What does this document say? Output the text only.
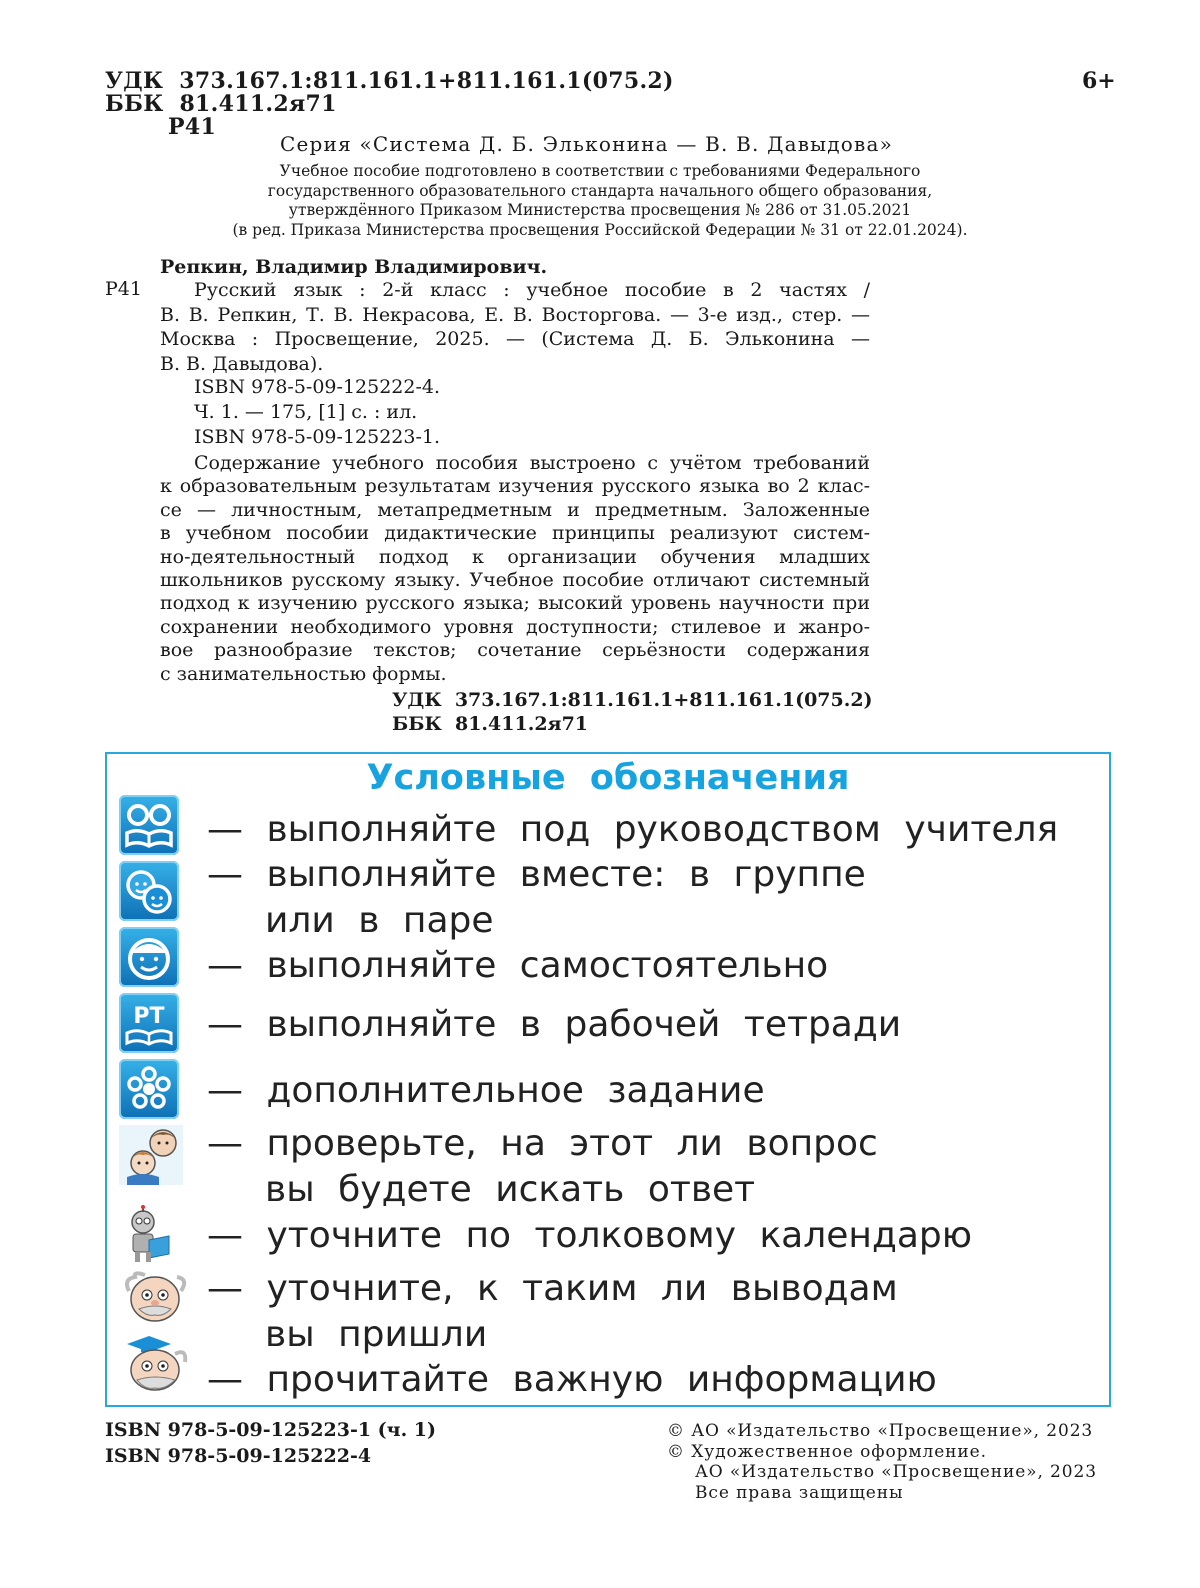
УДК 373.167.1:811.161.1+811.161.1(075.2)
ББК 81.411.2я71
Р41
6+
Серия «Система Д. Б. Эльконина — В. В. Давыдова»
Учебное пособие подготовлено в соответствии с требованиями Федерального
государственного образовательного стандарта начального общего образования,
утверждённого Приказом Министерства просвещения № 286 от 31.05.2021
(в ред. Приказа Министерства просвещения Российской Федерации № 31 от 22.01.2024).
Репкин, Владимир Владимирович.
Р41	Русский язык : 2-й класс : учебное пособие в 2 частях /
В. В. Репкин, Т. В. Некрасова, Е. В. Восторгова. — 3-е изд., стер. —
Москва : Просвещение, 2025. — (Система Д. Б. Эльконина —
В. В. Давыдова).
ISBN 978-5-09-125222-4.
Ч. 1. — 175, [1] с. : ил.
ISBN 978-5-09-125223-1.
Содержание учебного пособия выстроено с учётом требований
к образовательным результатам изучения русского языка во 2 клас-
се — личностным, метапредметным и предметным. Заложенные
в учебном пособии дидактические принципы реализуют систем-
но-деятельностный подход к организации обучения младших
школьников русскому языку. Учебное пособие отличают системный
подход к изучению русского языка; высокий уровень научности при
сохранении необходимого уровня доступности; стилевое и жанро-
вое разнообразие текстов; сочетание серьёзности содержания
с занимательностью формы.
УДК  373.167.1:811.161.1+811.161.1(075.2)
ББК  81.411.2я71
Условные обозначения
— выполняйте под руководством учителя
— выполняйте вместе: в группе
или в паре
— выполняйте самостоятельно
PT — выполняйте в рабочей тетради
— дополнительное задание
— проверьте, на этот ли вопрос
вы будете искать ответ
— уточните по толковому календарю
— уточните, к таким ли выводам
вы пришли
— прочитайте важную информацию
ISBN 978-5-09-125223-1 (ч. 1)
ISBN 978-5-09-125222-4
© АО «Издательство «Просвещение», 2023
© Художественное оформление.
АО «Издательство «Просвещение», 2023
Все права защищены
